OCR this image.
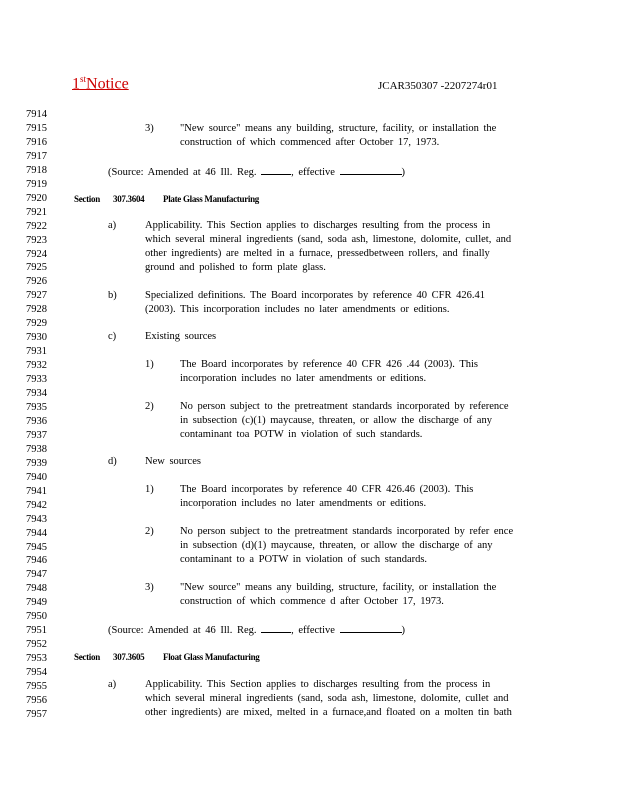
1stNotice	JCAR350307 -2207274r01
7914
7915
7916
7917
7918
7919
7920
7921
7922
7923
7924
7925
7926
7927
7928
7929
7930
7931
7932
7933
7934
7935
7936
7937
7938
7939
7940
7941
7942
7943
7944
7945
7946
7947
7948
7949
7950
7951
7952
7953
7954
7955
7956
7957
3)	"New source" means any building, structure, facility, or installation the
construction of which commenced after October 17, 1973.
(Source: Amended at 46 Ill. Reg.	, effective	)
Section 307.3604 Plate Glass Manufacturing
a)	Applicability. This Section applies to discharges resulting from the process in
which several mineral ingredients (sand, soda ash, limestone, dolomite, cullet, and
other ingredients) are melted in a furnace, pressedbetween rollers, and finally
ground and polished to form plate glass.
b)	Specialized definitions. The Board incorporates by reference 40 CFR 426.41
(2003). This incorporation includes no later amendments or editions.
c)	Existing sources
1)	The Board incorporates by reference 40 CFR 426 .44 (2003). This
incorporation includes no later amendments or editions.
2)	No person subject to the pretreatment standards incorporated by reference
in subsection (c)(1) maycause, threaten, or allow the discharge of any
contaminant toa POTW in violation of such standards.
d)	New sources
1)	The Board incorporates by reference 40 CFR 426.46 (2003). This
incorporation includes no later amendments or editions.
2)	No person subject to the pretreatment standards incorporated by refer ence
in subsection (d)(1) maycause, threaten, or allow the discharge of any
contaminant to a POTW in violation of such standards.
3)	"New source" means any building, structure, facility, or installation the
construction of which commence d after October 17, 1973.
(Source: Amended at 46 Ill. Reg.	, effective	)
Section 307.3605 Float Glass Manufacturing
a)	Applicability. This Section applies to discharges resulting from the process in
which several mineral ingredients (sand, soda ash, limestone, dolomite, cullet and
other ingredients) are mixed, melted in a furnace,and floated on a molten tin bath
